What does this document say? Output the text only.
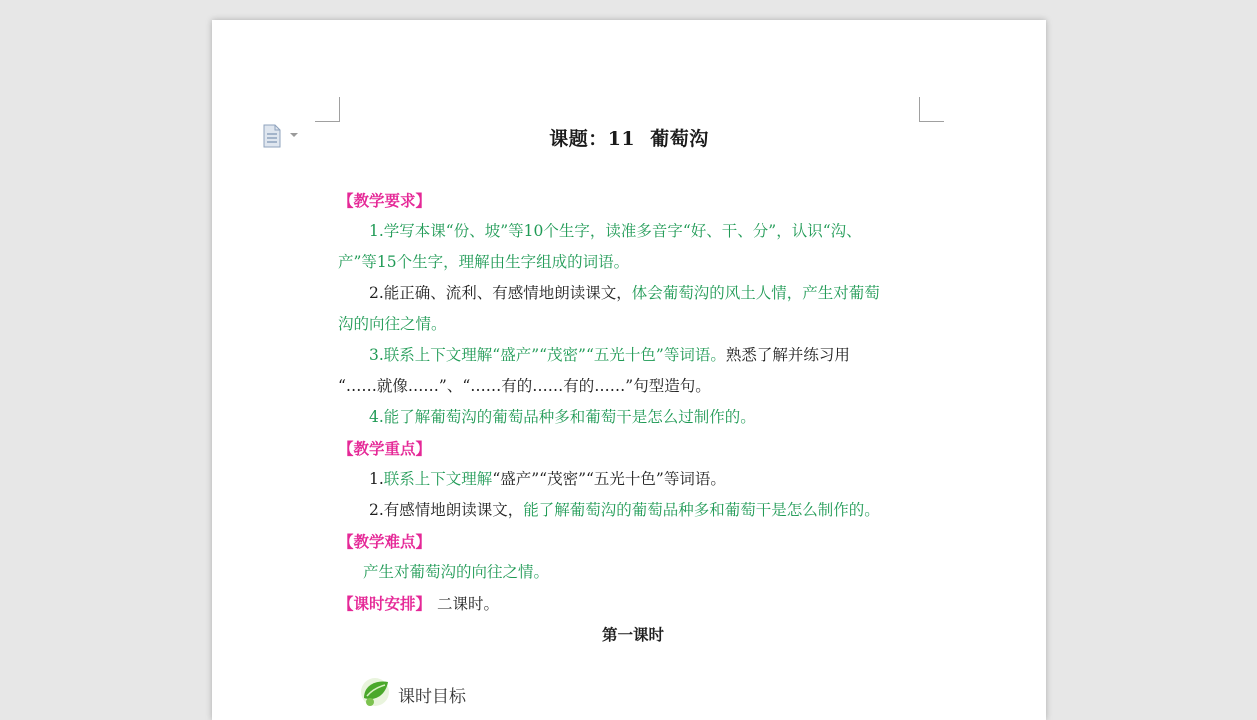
课题：11 葡萄沟
【教学要求】
1.学写本课“份、坡”等10个生字，读准多音字“好、干、分”，认识“沟、
产”等15个生字，理解由生字组成的词语。
2.能正确、流利、有感情地朗读课文，体会葡萄沟的风土人情，产生对葡萄
沟的向往之情。
3.联系上下文理解“盛产”“茂密”“五光十色”等词语。熟悉了解并练习用
“……就像……”、“……有的……有的……”句型造句。
4.能了解葡萄沟的葡萄品种多和葡萄干是怎么过制作的。
【教学重点】
1.联系上下文理解“盛产”“茂密”“五光十色”等词语。
2.有感情地朗读课文，能了解葡萄沟的葡萄品种多和葡萄干是怎么制作的。
【教学难点】
产生对葡萄沟的向往之情。
【课时安排】 二课时。
第一课时
课时目标
